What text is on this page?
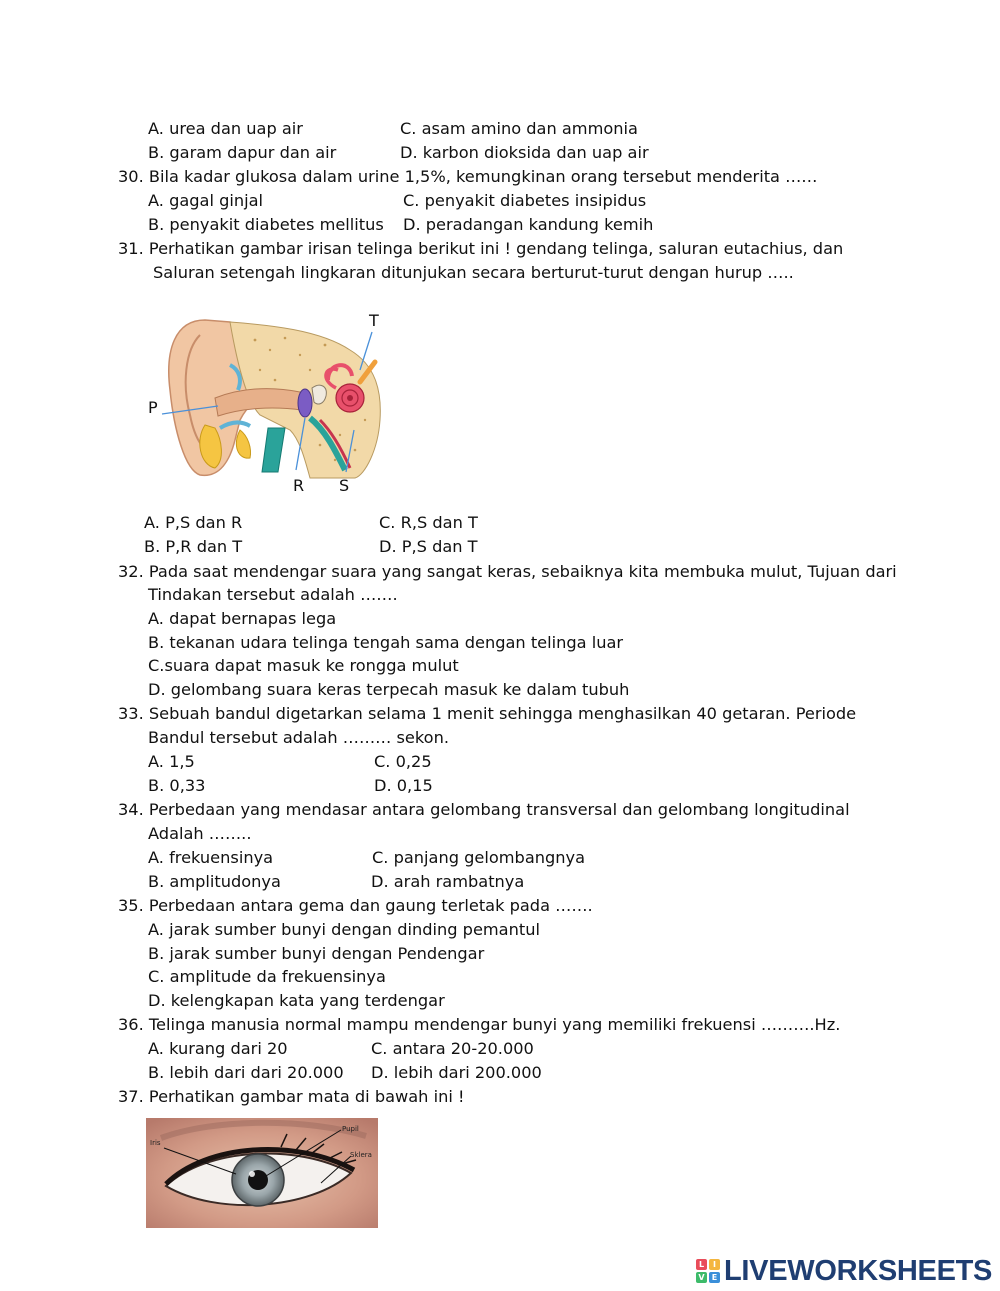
A. urea dan uap air	C. asam amino dan ammonia
B. garam dapur dan air	D. karbon dioksida dan uap air
30. Bila kadar glukosa dalam urine 1,5%, kemungkinan orang tersebut menderita ……
A. gagal ginjal	C. penyakit diabetes insipidus
B. penyakit diabetes mellitus D. peradangan kandung kemih
31. Perhatikan gambar irisan telinga berikut ini ! gendang telinga, saluran eutachius, dan
Saluran setengah lingkaran ditunjukan secara berturut-turut dengan hurup …..
P
R S
T
A. P,S dan R	C. R,S dan T
B. P,R dan T	D. P,S dan T
32. Pada saat mendengar suara yang sangat keras, sebaiknya kita membuka mulut, Tujuan dari
Tindakan tersebut adalah …….
A. dapat bernapas lega
B. tekanan udara telinga tengah sama dengan telinga luar
C.suara dapat masuk ke rongga mulut
D. gelombang suara keras terpecah masuk ke dalam tubuh
33. Sebuah bandul digetarkan selama 1 menit sehingga menghasilkan 40 getaran. Periode
Bandul tersebut adalah ……… sekon.
A. 1,5	C. 0,25
B. 0,33	D. 0,15
34. Perbedaan yang mendasar antara gelombang transversal dan gelombang longitudinal
Adalah ……..
A. frekuensinya	C. panjang gelombangnya
B. amplitudonya	D. arah rambatnya
35. Perbedaan antara gema dan gaung terletak pada …….
A. jarak sumber bunyi dengan dinding pemantul
B. jarak sumber bunyi dengan Pendengar
C. amplitude da frekuensinya
D. kelengkapan kata yang terdengar
36. Telinga manusia normal mampu mendengar bunyi yang memiliki frekuensi ……….Hz.
A. kurang dari 20	C. antara 20-20.000
B. lebih dari dari 20.000 D. lebih dari 200.000
37. Perhatikan gambar mata di bawah ini !
Iris
Pupil
Sklera
L	I
V E LIVEWORKSHEETS
